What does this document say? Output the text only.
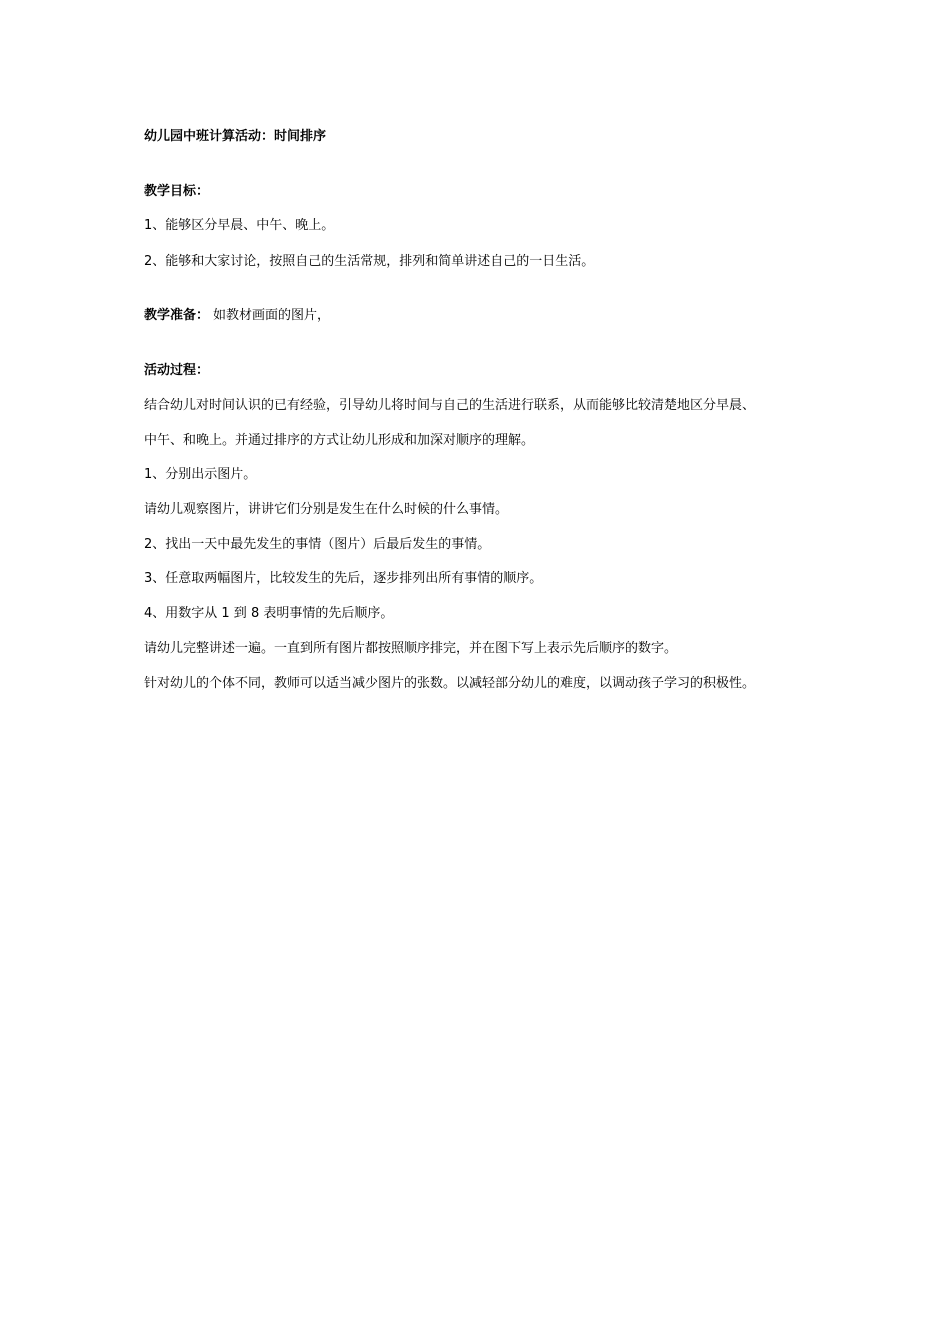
幼儿园中班计算活动：时间排序
教学目标：
1、能够区分早晨、中午、晚上。
2、能够和大家讨论，按照自己的生活常规，排列和简单讲述自己的一日生活。
教学准备： 如教材画面的图片，
活动过程：
结合幼儿对时间认识的已有经验，引导幼儿将时间与自己的生活进行联系，从而能够比较清楚地区分早晨、
中午、和晚上。并通过排序的方式让幼儿形成和加深对顺序的理解。
1、分别出示图片。
请幼儿观察图片，讲讲它们分别是发生在什么时候的什么事情。
2、找出一天中最先发生的事情（图片）后最后发生的事情。
3、任意取两幅图片，比较发生的先后，逐步排列出所有事情的顺序。
4、用数字从 1 到 8 表明事情的先后顺序。
请幼儿完整讲述一遍。一直到所有图片都按照顺序排完，并在图下写上表示先后顺序的数字。
针对幼儿的个体不同，教师可以适当减少图片的张数。以减轻部分幼儿的难度，以调动孩子学习的积极性。
